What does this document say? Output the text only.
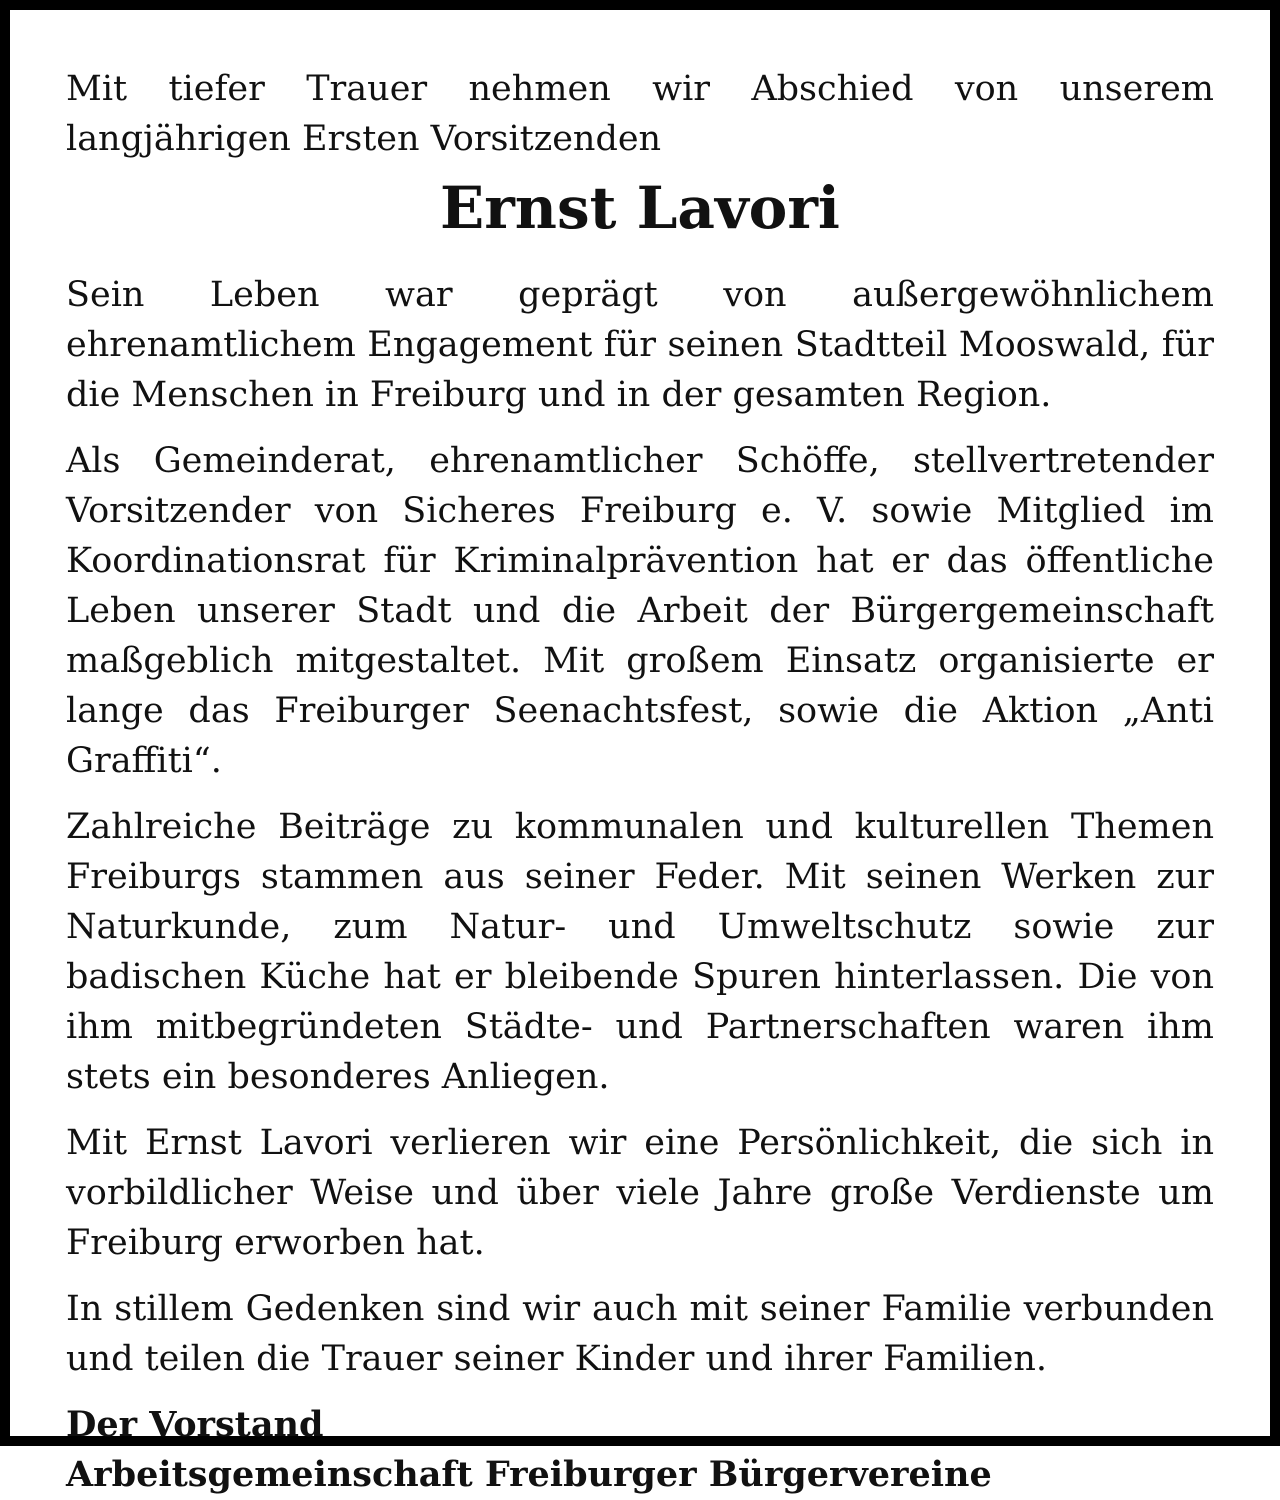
Mit tiefer Trauer nehmen wir Abschied von unserem langjährigen Ersten Vorsitzenden

Ernst Lavori

Sein Leben war geprägt von außergewöhnlichem ehrenamtlichem Engagement für seinen Stadtteil Mooswald, für die Menschen in Freiburg und in der gesamten Region.

Als Gemeinderat, ehrenamtlicher Schöffe, stellvertretender Vorsitzender von Sicheres Freiburg e. V. sowie Mitglied im Koordinationsrat für Kriminalprävention hat er das öffentliche Leben unserer Stadt und die Arbeit der Bürgergemeinschaft maßgeblich mitgestaltet. Mit großem Einsatz organisierte er lange das Freiburger Seenachtsfest, sowie die Aktion „Anti Graffiti“.

Zahlreiche Beiträge zu kommunalen und kulturellen Themen Freiburgs stammen aus seiner Feder. Mit seinen Werken zur Naturkunde, zum Natur- und Umweltschutz sowie zur badischen Küche hat er bleibende Spuren hinterlassen. Die von ihm mitbegründeten Städte- und Partnerschaften waren ihm stets ein besonderes Anliegen.

Mit Ernst Lavori verlieren wir eine Persönlichkeit, die sich in vorbildlicher Weise und über viele Jahre große Verdienste um Freiburg erworben hat.

In stillem Gedenken sind wir auch mit seiner Familie verbunden und teilen die Trauer seiner Kinder und ihrer Familien.

Der Vorstand

Arbeitsgemeinschaft Freiburger Bürgervereine
